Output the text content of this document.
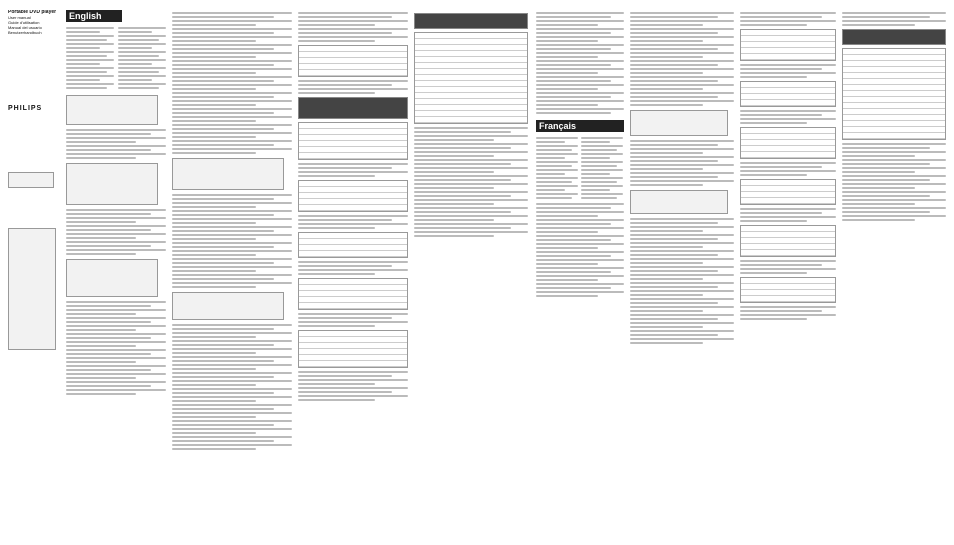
Portable DVD player
User manual
Guide d'utilisation
Manual del usuario
Benutzerhandbuch
PHILIPS
English
Français
